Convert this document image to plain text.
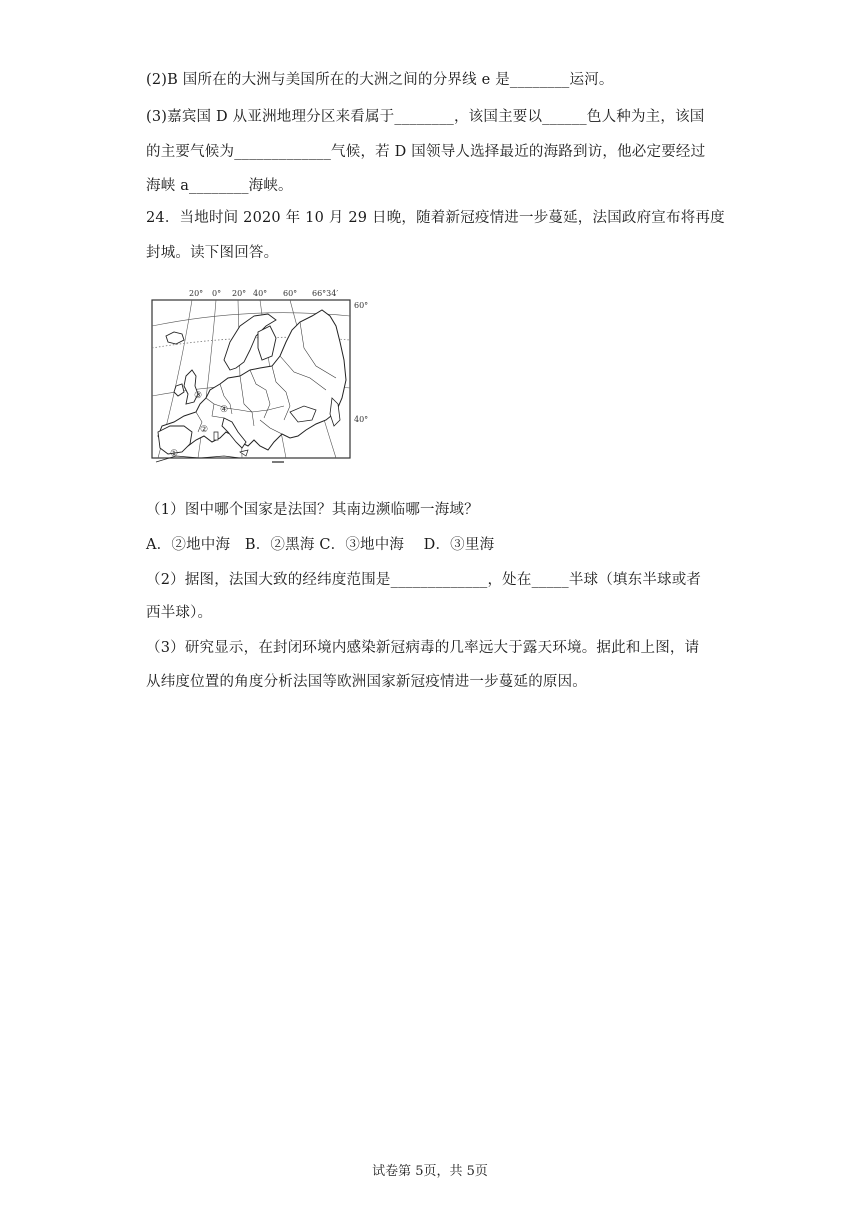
(2)B 国所在的大洲与美国所在的大洲之间的分界线 e 是________运河。
(3)嘉宾国 D 从亚洲地理分区来看属于________，该国主要以______色人种为主，该国
的主要气候为_____________气候，若 D 国领导人选择最近的海路到访，他必定要经过
海峡 a________海峡。
24．当地时间 2020 年 10 月 29 日晚，随着新冠疫情进一步蔓延，法国政府宣布将再度
封城。读下图回答。
20° 0° 20° 40° 60° 66°34′
60°
40°
③
④
②
①
（1）图中哪个国家是法国？其南边濒临哪一海域？
A．②地中海　B．②黑海 C．③地中海　 D．③里海
（2）据图，法国大致的经纬度范围是_____________，处在_____半球（填东半球或者
西半球）。
（3）研究显示，在封闭环境内感染新冠病毒的几率远大于露天环境。据此和上图，请
从纬度位置的角度分析法国等欧洲国家新冠疫情进一步蔓延的原因。
试卷第 5页，共 5页
